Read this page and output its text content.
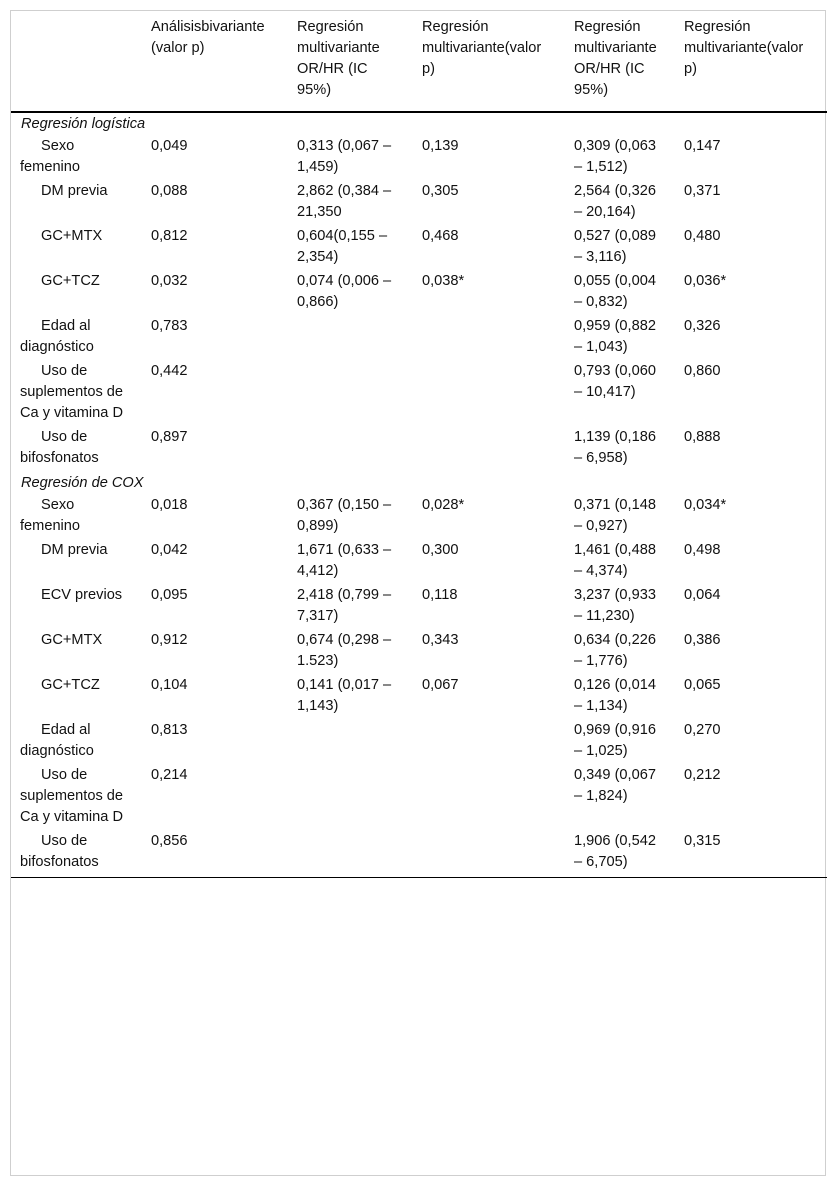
	Análisisbivariante (valor p)	Regresión multivariante OR/HR (IC 95%)	Regresión multivariante(valor p)	Regresión multivariante OR/HR (IC 95%)	Regresión multivariante(valor p)
Regresión logística					
Sexo femenino	0,049	0,313 (0,067 – 1,459)	0,139	0,309 (0,063 – 1,512)	0,147
DM previa	0,088	2,862 (0,384 – 21,350	0,305	2,564 (0,326 – 20,164)	0,371
GC+MTX	0,812	0,604(0,155 – 2,354)	0,468	0,527 (0,089 – 3,116)	0,480
GC+TCZ	0,032	0,074 (0,006 – 0,866)	0,038*	0,055 (0,004 – 0,832)	0,036*
Edad al diagnóstico	0,783			0,959 (0,882 – 1,043)	0,326
Uso de suplementos de Ca y vitamina D	0,442			0,793 (0,060 – 10,417)	0,860
Uso de bifosfonatos	0,897			1,139 (0,186 – 6,958)	0,888
Regresión de COX					
Sexo femenino	0,018	0,367 (0,150 – 0,899)	0,028*	0,371 (0,148 – 0,927)	0,034*
DM previa	0,042	1,671 (0,633 – 4,412)	0,300	1,461 (0,488 – 4,374)	0,498
ECV previos	0,095	2,418 (0,799 – 7,317)	0,118	3,237 (0,933 – 11,230)	0,064
GC+MTX	0,912	0,674 (0,298 – 1.523)	0,343	0,634 (0,226 – 1,776)	0,386
GC+TCZ	0,104	0,141 (0,017 – 1,143)	0,067	0,126 (0,014 – 1,134)	0,065
Edad al diagnóstico	0,813			0,969 (0,916 – 1,025)	0,270
Uso de suplementos de Ca y vitamina D	0,214			0,349 (0,067 – 1,824)	0,212
Uso de bifosfonatos	0,856			1,906 (0,542 – 6,705)	0,315
